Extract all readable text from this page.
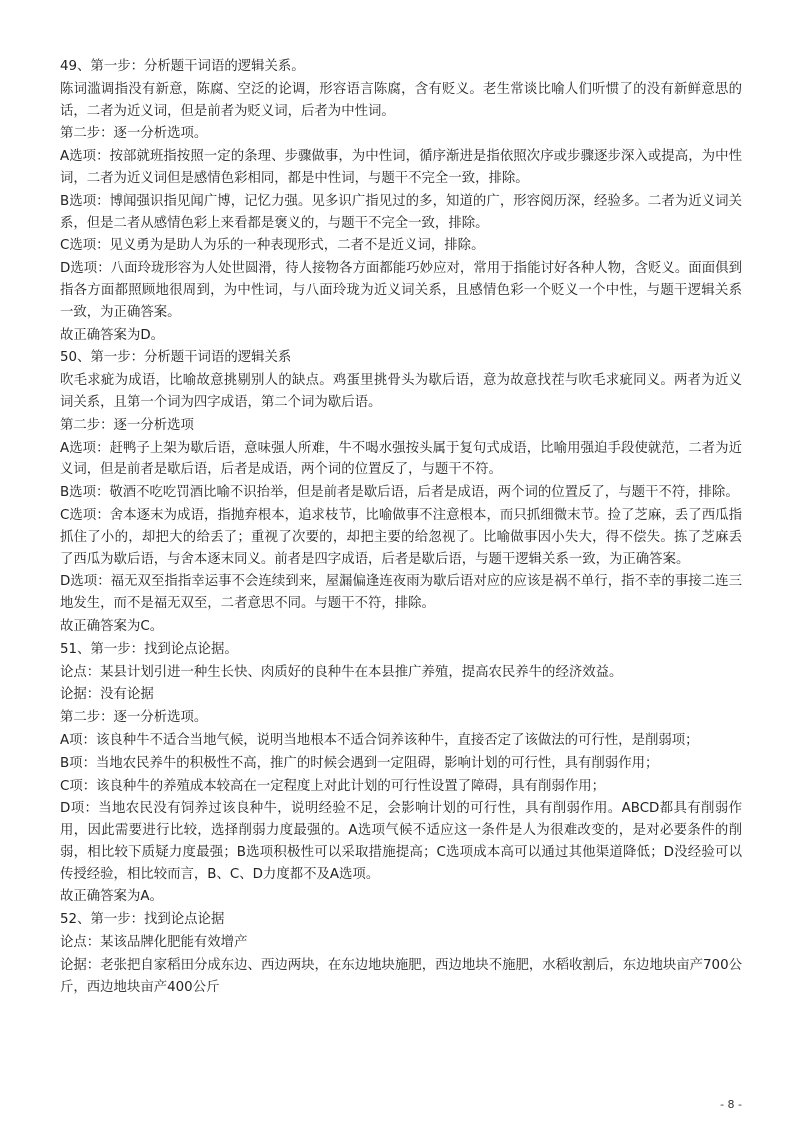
49、第一步：分析题干词语的逻辑关系。

陈词滥调指没有新意，陈腐、空泛的论调，形容语言陈腐，含有贬义。老生常谈比喻人们听惯了的没有新鲜意思的话，二者为近义词，但是前者为贬义词，后者为中性词。

第二步：逐一分析选项。

A选项：按部就班指按照一定的条理、步骤做事，为中性词，循序渐进是指依照次序或步骤逐步深入或提高，为中性词，二者为近义词但是感情色彩相同，都是中性词，与题干不完全一致，排除。

B选项：博闻强识指见闻广博，记忆力强。见多识广指见过的多，知道的广，形容阅历深，经验多。二者为近义词关系，但是二者从感情色彩上来看都是褒义的，与题干不完全一致，排除。

C选项：见义勇为是助人为乐的一种表现形式，二者不是近义词，排除。

D选项：八面玲珑形容为人处世圆滑，待人接物各方面都能巧妙应对，常用于指能讨好各种人物，含贬义。面面俱到指各方面都照顾地很周到，为中性词，与八面玲珑为近义词关系，且感情色彩一个贬义一个中性，与题干逻辑关系一致，为正确答案。

故正确答案为D。

50、第一步：分析题干词语的逻辑关系

吹毛求疵为成语，比喻故意挑剔别人的缺点。鸡蛋里挑骨头为歇后语，意为故意找茬与吹毛求疵同义。两者为近义词关系，且第一个词为四字成语，第二个词为歇后语。

第二步：逐一分析选项

A选项：赶鸭子上架为歇后语，意味强人所难，牛不喝水强按头属于复句式成语，比喻用强迫手段使就范，二者为近义词，但是前者是歇后语，后者是成语，两个词的位置反了，与题干不符。

B选项：敬酒不吃吃罚酒比喻不识抬举，但是前者是歇后语，后者是成语，两个词的位置反了，与题干不符，排除。

C选项：舍本逐末为成语，指抛弃根本，追求枝节，比喻做事不注意根本，而只抓细微末节。捡了芝麻，丢了西瓜指抓住了小的，却把大的给丢了；重视了次要的，却把主要的给忽视了。比喻做事因小失大，得不偿失。拣了芝麻丢了西瓜为歇后语，与舍本逐末同义。前者是四字成语，后者是歇后语，与题干逻辑关系一致，为正确答案。

D选项：福无双至指指幸运事不会连续到来，屋漏偏逢连夜雨为歇后语对应的应该是祸不单行，指不幸的事接二连三地发生，而不是福无双至，二者意思不同。与题干不符，排除。

故正确答案为C。

51、第一步：找到论点论据。

论点：某县计划引进一种生长快、肉质好的良种牛在本县推广养殖，提高农民养牛的经济效益。

论据：没有论据

第二步：逐一分析选项。

A项：该良种牛不适合当地气候，说明当地根本不适合饲养该种牛，直接否定了该做法的可行性，是削弱项；

B项：当地农民养牛的积极性不高，推广的时候会遇到一定阻碍，影响计划的可行性，具有削弱作用；

C项：该良种牛的养殖成本较高在一定程度上对此计划的可行性设置了障碍，具有削弱作用；

D项：当地农民没有饲养过该良种牛，说明经验不足，会影响计划的可行性，具有削弱作用。ABCD都具有削弱作用，因此需要进行比较，选择削弱力度最强的。A选项气候不适应这一条件是人为很难改变的，是对必要条件的削弱，相比较下质疑力度最强；B选项积极性可以采取措施提高；C选项成本高可以通过其他渠道降低；D没经验可以传授经验，相比较而言，B、C、D力度都不及A选项。

故正确答案为A。

52、第一步：找到论点论据

论点：某该品牌化肥能有效增产

论据：老张把自家稻田分成东边、西边两块，在东边地块施肥，西边地块不施肥，水稻收割后，东边地块亩产700公斤，西边地块亩产400公斤

- 8 -
